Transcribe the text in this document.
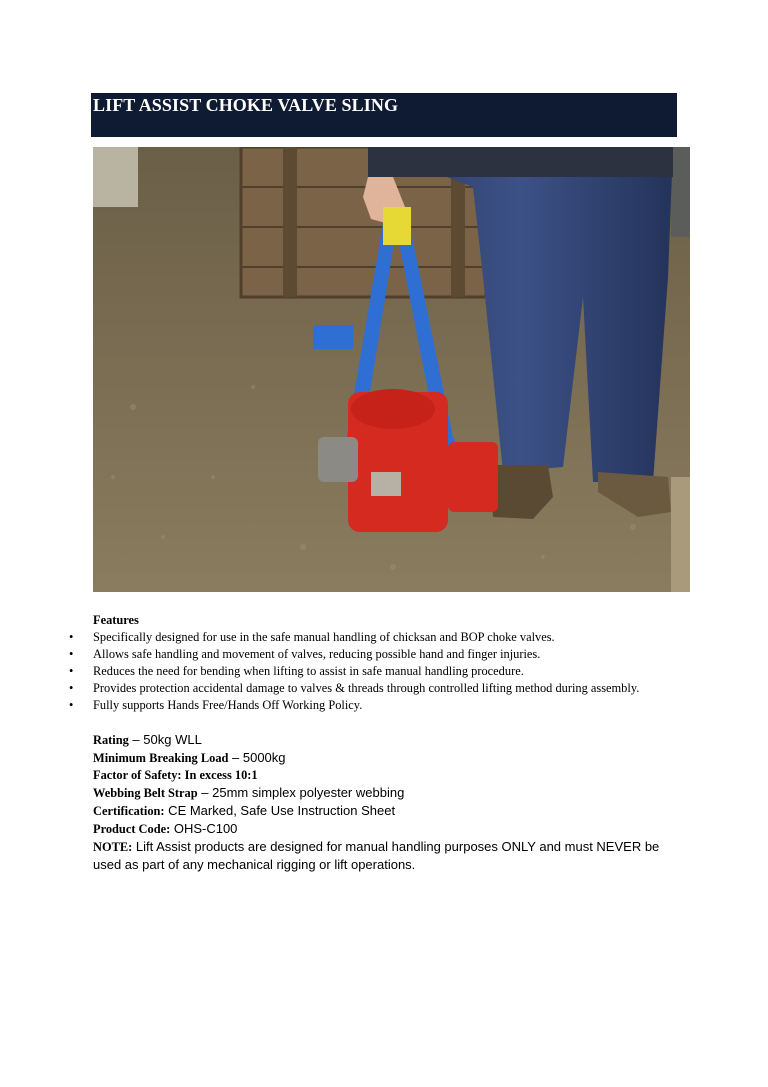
LIFT ASSIST CHOKE VALVE SLING
Features
• Specifically designed for use in the safe manual handling of chicksan and BOP choke valves.
• Allows safe handling and movement of valves, reducing possible hand and finger injuries.
• Reduces the need for bending when lifting to assist in safe manual handling procedure.
• Provides protection accidental damage to valves & threads through controlled lifting method during assembly.
• Fully supports Hands Free/Hands Off Working Policy.
Rating – 50kg WLL
Minimum Breaking Load – 5000kg
Factor of Safety: In excess 10:1
Webbing Belt Strap – 25mm simplex polyester webbing
Certification: CE Marked, Safe Use Instruction Sheet
Product Code: OHS-C100
NOTE: Lift Assist products are designed for manual handling purposes ONLY and must NEVER be used as part of any mechanical rigging or lift operations.
